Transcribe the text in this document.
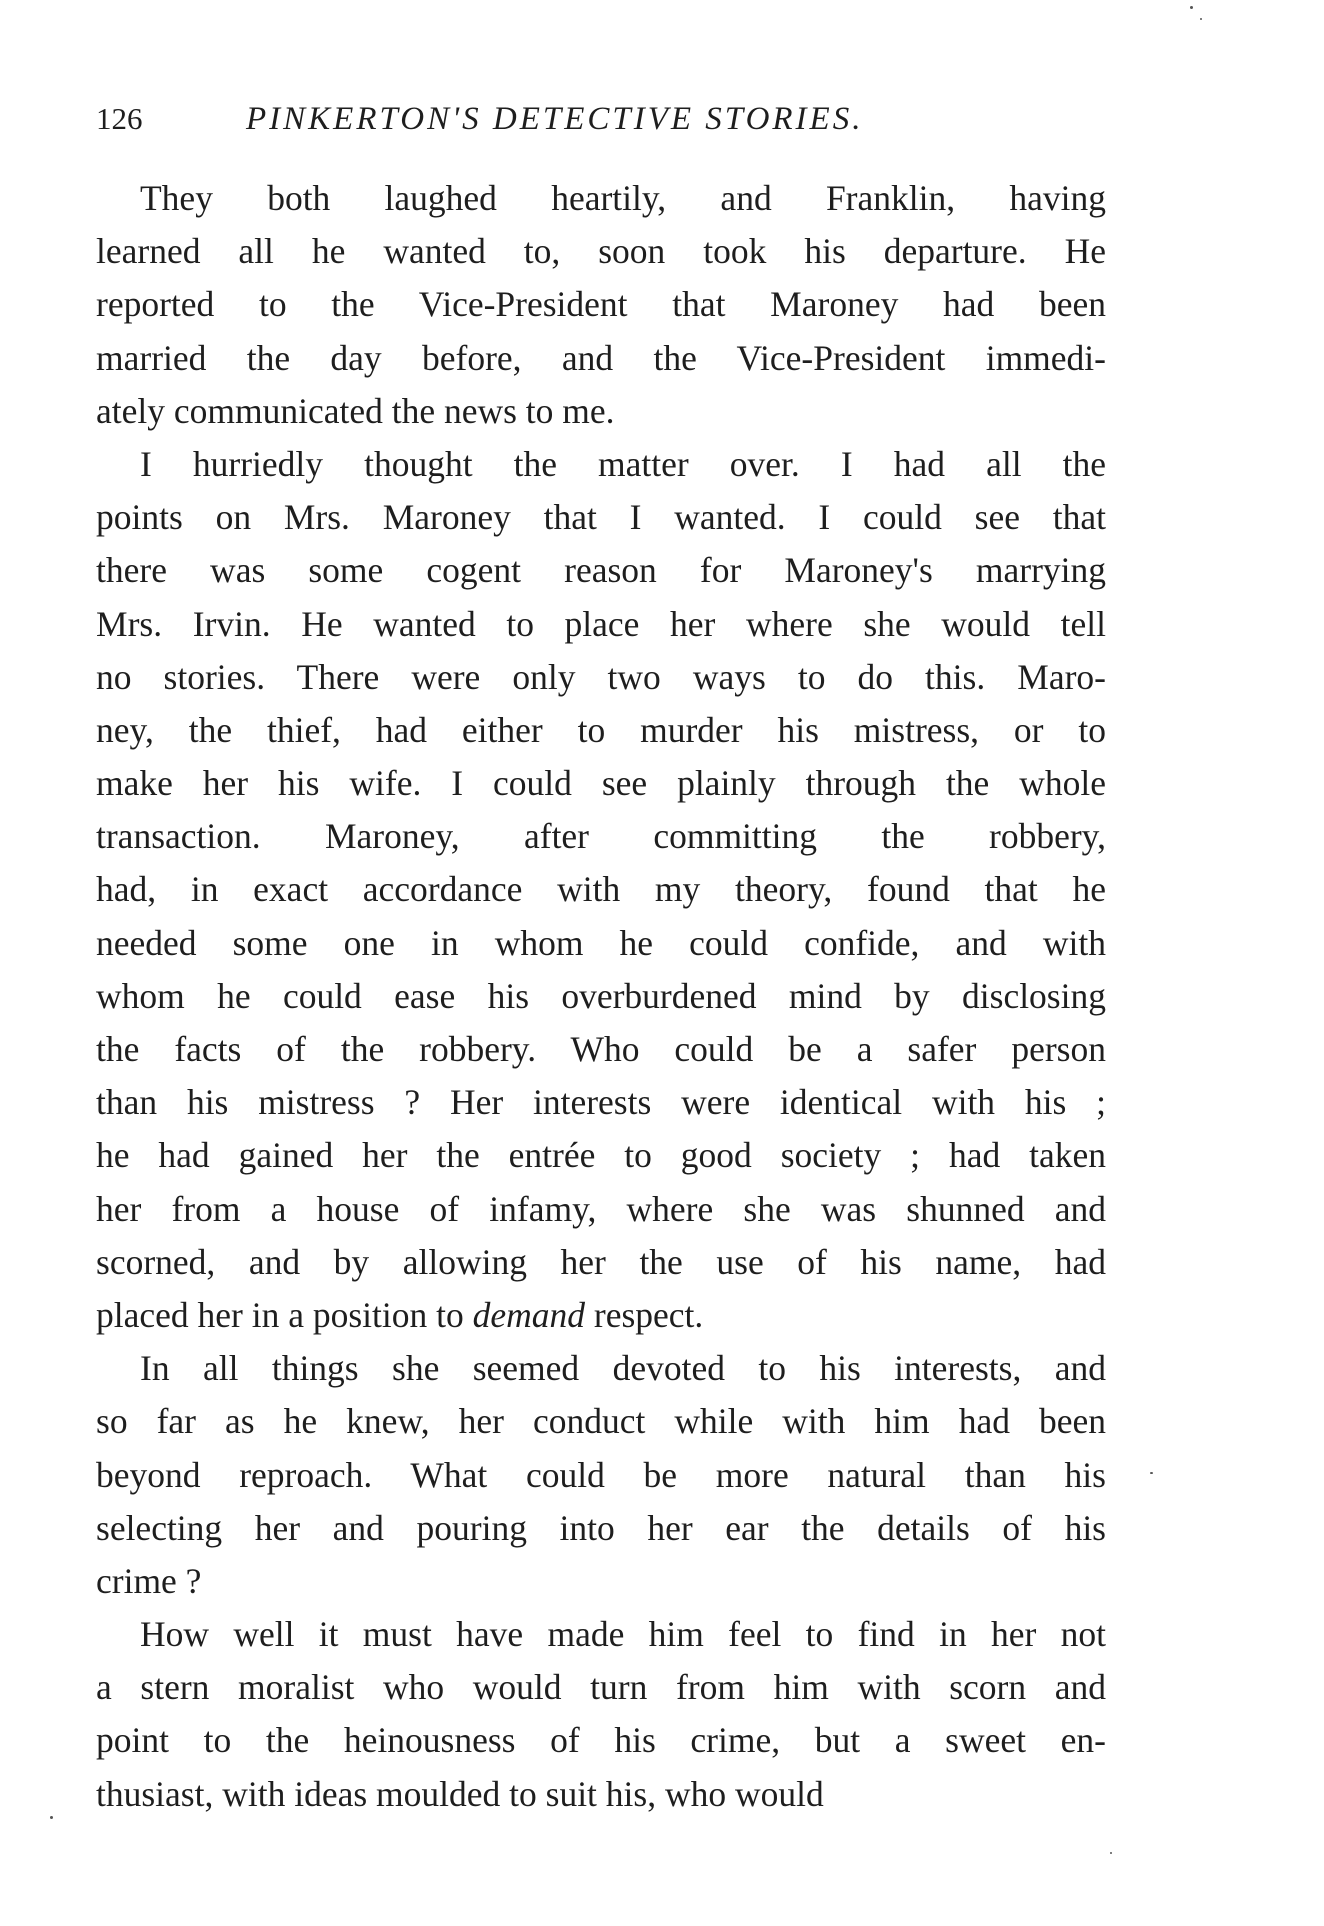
126	PINKERTON'S DETECTIVE STORIES.

They both laughed heartily, and Franklin, having
learned all he wanted to, soon took his departure. He
reported to the Vice-President that Maroney had been
married the day before, and the Vice-President immedi-
ately communicated the news to me.

I hurriedly thought the matter over. I had all the
points on Mrs. Maroney that I wanted. I could see that
there was some cogent reason for Maroney's marrying
Mrs. Irvin. He wanted to place her where she would tell
no stories. There were only two ways to do this. Maro-
ney, the thief, had either to murder his mistress, or to
make her his wife. I could see plainly through the whole
transaction. Maroney, after committing the robbery,
had, in exact accordance with my theory, found that he
needed some one in whom he could confide, and with
whom he could ease his overburdened mind by disclosing
the facts of the robbery. Who could be a safer person
than his mistress ? Her interests were identical with his ;
he had gained her the entrée to good society ; had taken
her from a house of infamy, where she was shunned and
scorned, and by allowing her the use of his name, had
placed her in a position to demand respect.

In all things she seemed devoted to his interests, and
so far as he knew, her conduct while with him had been
beyond reproach. What could be more natural than his
selecting her and pouring into her ear the details of his
crime ?

How well it must have made him feel to find in her not
a stern moralist who would turn from him with scorn and
point to the heinousness of his crime, but a sweet en-
thusiast, with ideas moulded to suit his, who would
